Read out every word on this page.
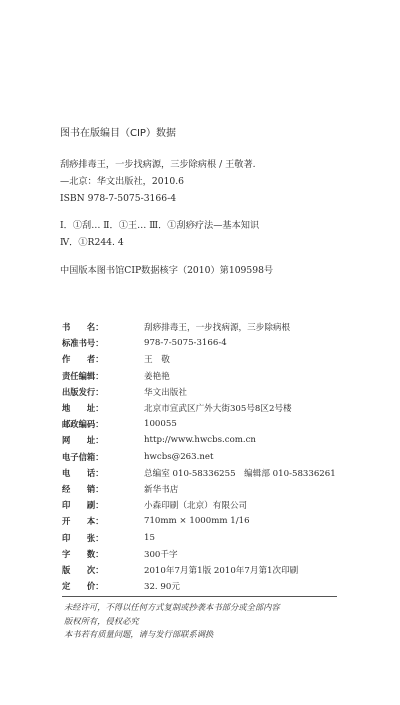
图书在版编目（CIP）数据
刮痧排毒王，一步找病源，三步除病根 / 王敬著.
—北京：华文出版社，2010.6
ISBN 978-7-5075-3166-4
Ⅰ．①刮… Ⅱ．①王… Ⅲ．①刮痧疗法—基本知识
Ⅳ．①R244. 4
中国版本图书馆CIP数据核字（2010）第109598号
书　　名：	刮痧排毒王，一步找病源，三步除病根
标准书号：	978-7-5075-3166-4
作　　者：	王　敬
责任编辑：	姜艳艳
出版发行：	华文出版社
地　　址：	北京市宣武区广外大街305号8区2号楼
邮政编码：	100055
网　　址：	http://www.hwcbs.com.cn
电子信箱：	hwcbs@263.net
电　　话：	总编室 010-58336255　编辑部 010-58336261
经　　销：	新华书店
印　　刷：	小森印刷（北京）有限公司
开　　本：	710mm × 1000mm 1/16
印　　张：	15
字　　数：	300千字
版　　次：	2010年7月第1版 2010年7月第1次印刷
定　　价：	32. 90元
未经许可，不得以任何方式复制或抄袭本书部分或全部内容
版权所有，侵权必究
本书若有质量问题，请与发行部联系调换
